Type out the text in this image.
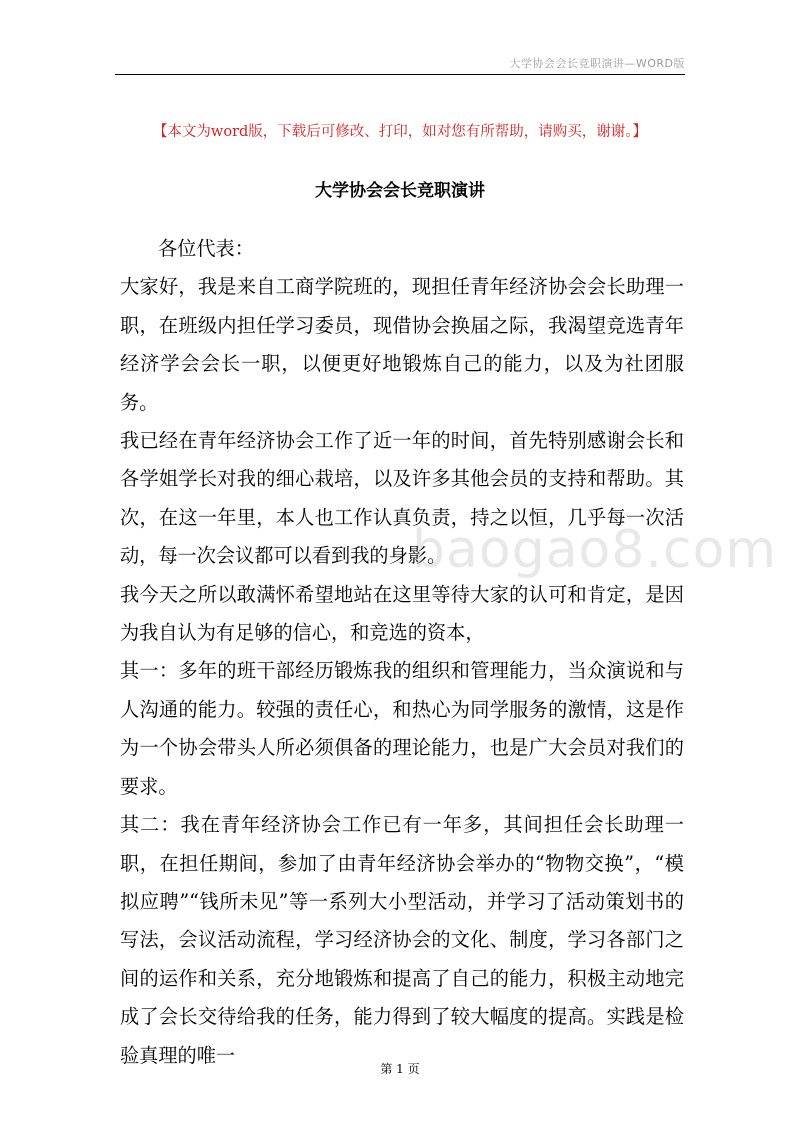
大学协会会长竞职演讲—WORD版
【本文为word版，下载后可修改、打印，如对您有所帮助，请购买，谢谢。】
大学协会会长竞职演讲

各位代表：

大家好，我是来自工商学院班的，现担任青年经济协会会长助理一职，在班级内担任学习委员，现借协会换届之际，我渴望竞选青年经济学会会长一职，以便更好地锻炼自己的能力，以及为社团服务。

我已经在青年经济协会工作了近一年的时间，首先特别感谢会长和各学姐学长对我的细心栽培，以及许多其他会员的支持和帮助。其次，在这一年里，本人也工作认真负责，持之以恒，几乎每一次活动，每一次会议都可以看到我的身影。

我今天之所以敢满怀希望地站在这里等待大家的认可和肯定，是因为我自认为有足够的信心，和竞选的资本，

其一：多年的班干部经历锻炼我的组织和管理能力，当众演说和与人沟通的能力。较强的责任心，和热心为同学服务的激情，这是作为一个协会带头人所必须俱备的理论能力，也是广大会员对我们的要求。

其二：我在青年经济协会工作已有一年多，其间担任会长助理一职，在担任期间，参加了由青年经济协会举办的“物物交换”，“模拟应聘”“钱所未见”等一系列大小型活动，并学习了活动策划书的写法，会议活动流程，学习经济协会的文化、制度，学习各部门之间的运作和关系，充分地锻炼和提高了自己的能力，积极主动地完成了会长交待给我的任务，能力得到了较大幅度的提高。实践是检验真理的唯一

baogao8.com
第 1 页
